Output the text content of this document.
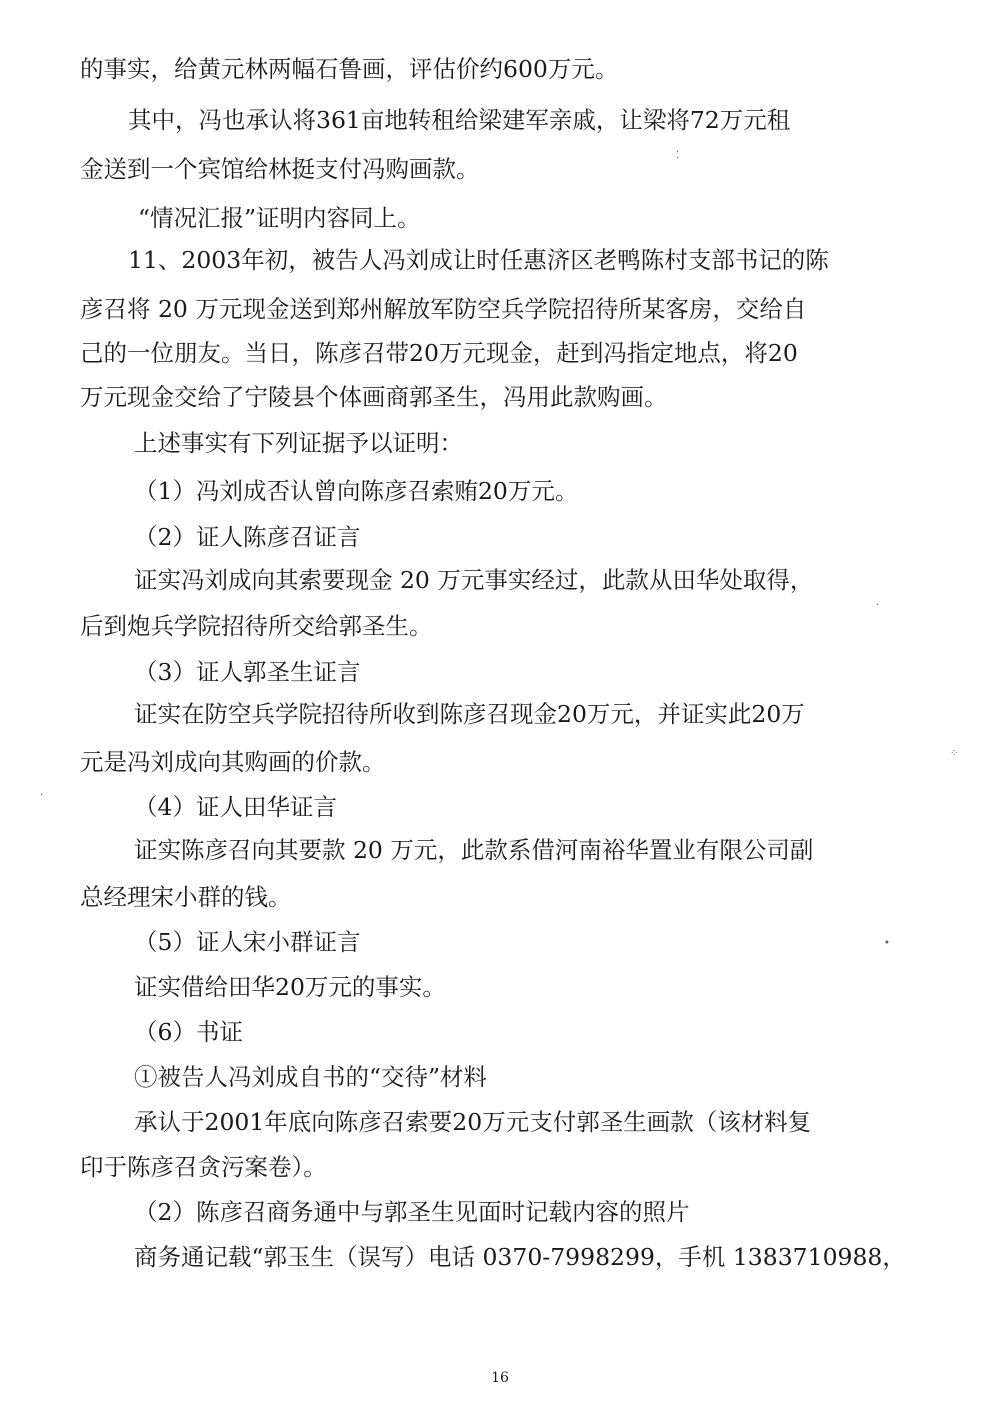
的事实，给黄元林两幅石鲁画，评估价约600万元。
其中，冯也承认将361亩地转租给梁建军亲戚，让梁将72万元租
金送到一个宾馆给林挺支付冯购画款。
“情况汇报”证明内容同上。
11、2003年初，被告人冯刘成让时任惠济区老鸭陈村支部书记的陈
彦召将 20 万元现金送到郑州解放军防空兵学院招待所某客房，交给自
己的一位朋友。当日，陈彦召带20万元现金，赶到冯指定地点，将20
万元现金交给了宁陵县个体画商郭圣生，冯用此款购画。
上述事实有下列证据予以证明：
（1）冯刘成否认曾向陈彦召索贿20万元。
（2）证人陈彦召证言
证实冯刘成向其索要现金 20 万元事实经过，此款从田华处取得，
后到炮兵学院招待所交给郭圣生。
（3）证人郭圣生证言
证实在防空兵学院招待所收到陈彦召现金20万元，并证实此20万
元是冯刘成向其购画的价款。
（4）证人田华证言
证实陈彦召向其要款 20 万元，此款系借河南裕华置业有限公司副
总经理宋小群的钱。
（5）证人宋小群证言
证实借给田华20万元的事实。
（6）书证
①被告人冯刘成自书的“交待”材料
承认于2001年底向陈彦召索要20万元支付郭圣生画款（该材料复
印于陈彦召贪污案卷）。
（2）陈彦召商务通中与郭圣生见面时记载内容的照片
商务通记载“郭玉生（误写）电话 0370-7998299，手机 1383710988，
16
⁚
·
⁘
·
•
